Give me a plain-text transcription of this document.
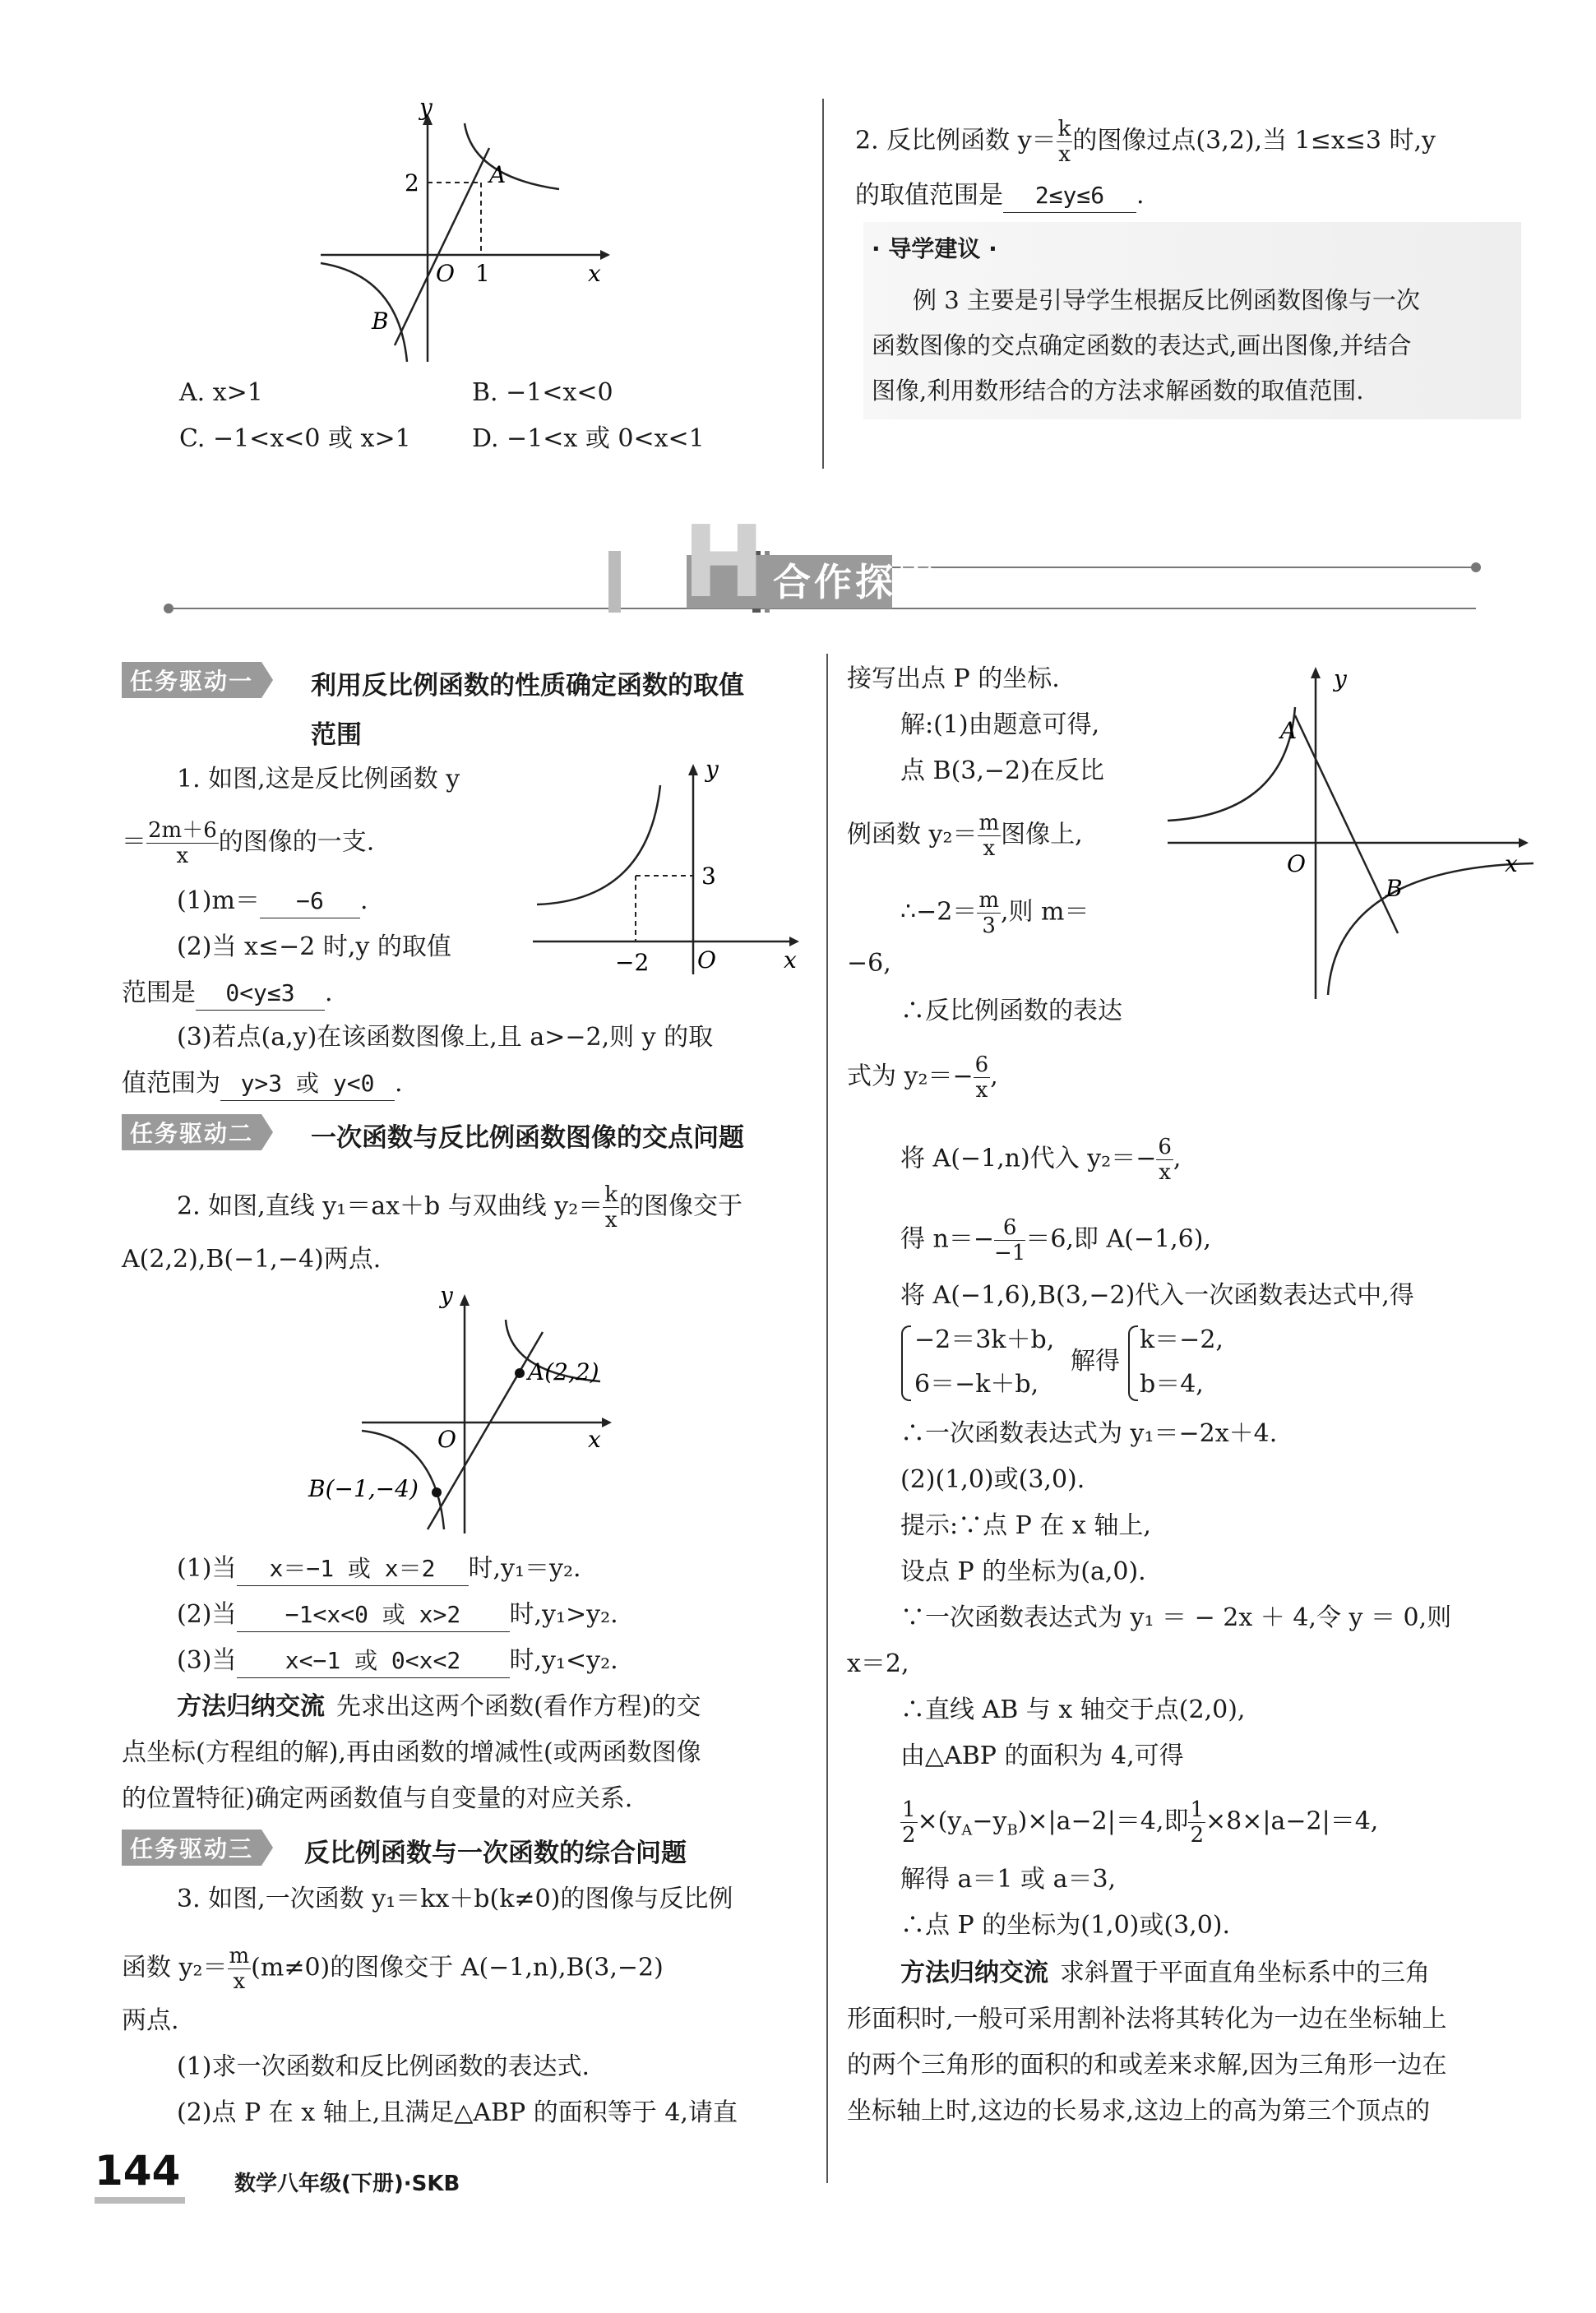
y
x
O 1
2	A
B
A. x>1	B. −1<x<0
C. −1<x<0 或 x>1 D. −1<x 或 0<x<1
2. 反比例函数 $y= \frac{k}{x}$ 的图像过点(3,2),当 1≤x≤3 时,y
的取值范围是 2≤y≤6 .
· 导学建议 ·
例 3 主要是引导学生根据反比例函数图像与一次
函数图像的交点确定函数的表达式,画出图像,并结合
图像,利用数形结合的方法求解函数的取值范围.
H 合作探究
任务驱动一	利用反比例函数的性质确定函数的取值
范围
1. 如图,这是反比例函数 y
＝ $\frac{2m+6}{x}$ 的图像的一支.
(1)m＝ −6 .
(2)当 x≤−2 时,y 的取值
范围是 0<y≤3 .
(3)若点(a,y)在该函数图像上,且 a>−2,则 y 的取
值范围为 y>3 或 y<0 .
y
x
3
−2 O
任务驱动二	一次函数与反比例函数图像的交点问题
2. 如图,直线 y₁＝ax＋b 与双曲线 $y_2= \frac{k}{x}$ 的图像交于
A(2,2),B(−1,−4)两点.
y
x
O
A(2,2)
B(−1,−4)
(1)当 x＝−1 或 x＝2 时,y₁＝y₂.
(2)当 −1<x<0 或 x>2 时,y₁>y₂.
(3)当 x<−1 或 0<x<2 时,y₁<y₂.
方法归纳交流 先求出这两个函数(看作方程)的交
点坐标(方程组的解),再由函数的增减性(或两函数图像
的位置特征)确定两函数值与自变量的对应关系.
任务驱动三	反比例函数与一次函数的综合问题
3. 如图,一次函数 y₁＝kx＋b(k≠0)的图像与反比例
函数 $y_2= \frac{m}{x} (m\ne 0)$的图像交于 A(−1,n),B(3,−2)
两点.
(1)求一次函数和反比例函数的表达式.
(2)点 P 在 x 轴上,且满足△ABP 的面积等于 4,请直
接写出点 P 的坐标.	y
x
O
A
B
解:(1)由题意可得,
点 B(3,−2)在反比
例函数 $y_2= \frac{m}{x}$ 图像上,
∴−2＝ $\frac{m}{3}$ ,则 m＝
−6,
∴反比例函数的表达
式为 $y_2=- \frac{6}{x}$ ,
将 A(−1,n)代入 $y_2=- \frac{6}{x}$ ,
得 $n=- \frac{6}{-1} =6$,即 A(−1,6),
将 A(−1,6),B(3,−2)代入一次函数表达式中,得
−2＝3k＋b,
6＝−k＋b,
解得
k＝−2,
b＝4,
∴一次函数表达式为 y₁＝−2x＋4.
(2)(1,0)或(3,0).
提示:∵点 P 在 x 轴上,
设点 P 的坐标为(a,0).
∵一次函数表达式为 y₁ ＝ − 2x ＋ 4,令 y ＝ 0,则
x＝2,
∴直线 AB 与 x 轴交于点(2,0),
由△ABP 的面积为 4,可得
$\frac{1}{2} \times(y_A-y_B)\times|a-2|=4$,即 $\frac{1}{2} \times 8\times|a-2|=4$,
解得 a＝1 或 a＝3,
∴点 P 的坐标为(1,0)或(3,0).
方法归纳交流 求斜置于平面直角坐标系中的三角
形面积时,一般可采用割补法将其转化为一边在坐标轴上
的两个三角形的面积的和或差来求解,因为三角形一边在
坐标轴上时,这边的长易求,这边上的高为第三个顶点的
144	数学八年级(下册)·SKB
